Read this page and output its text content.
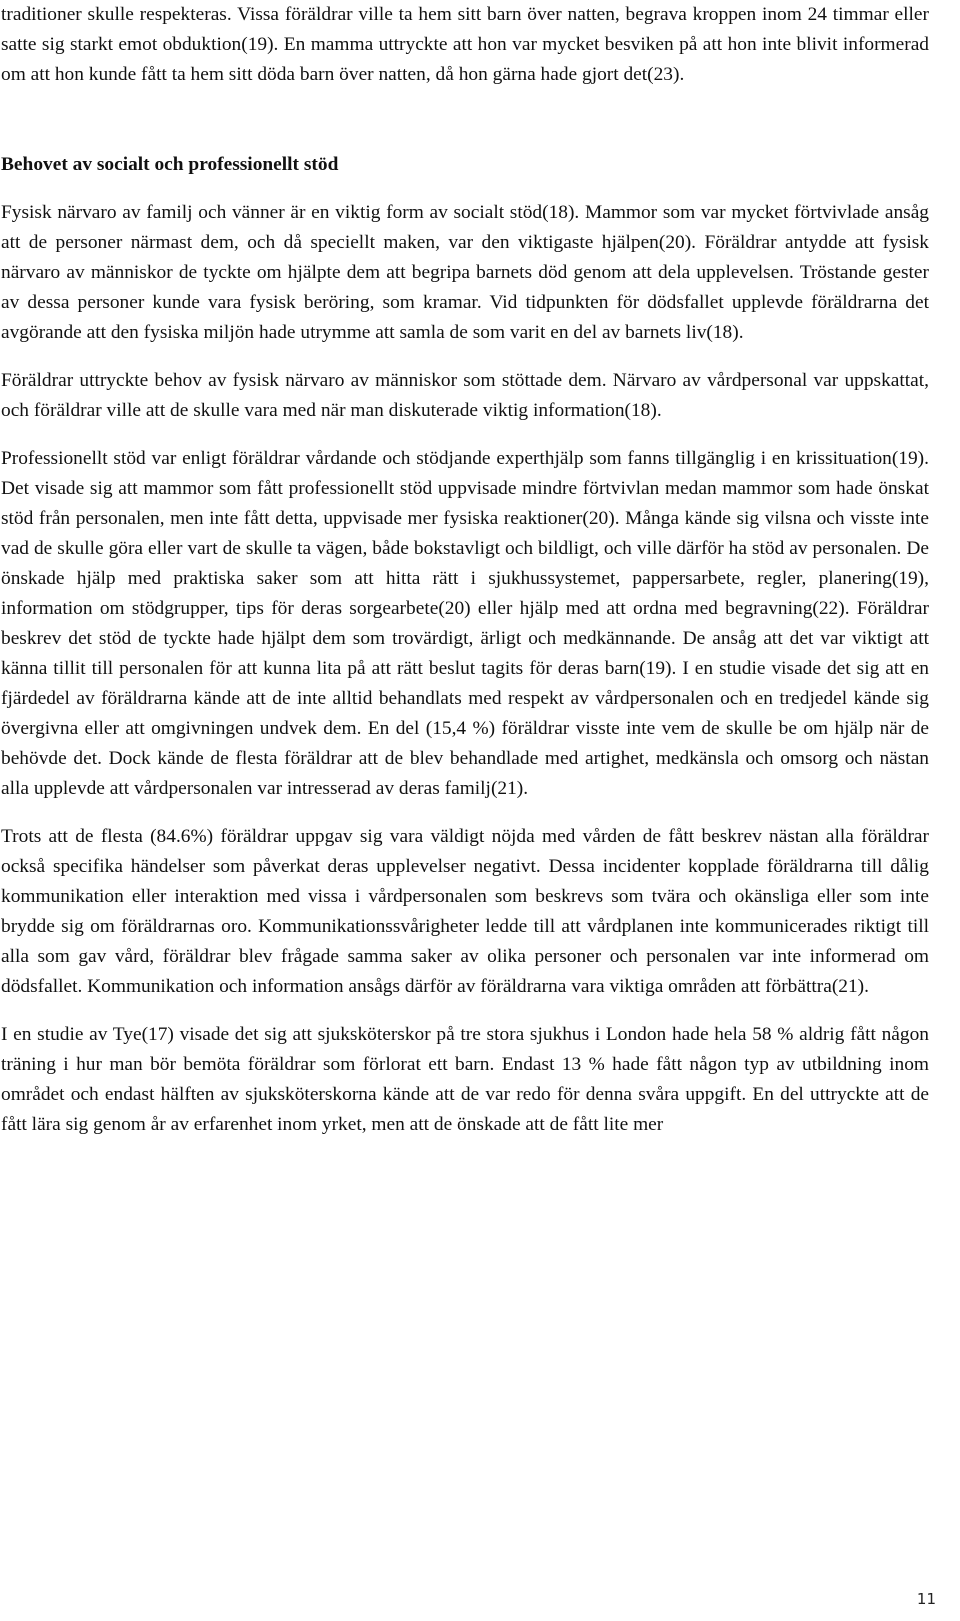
traditioner skulle respekteras. Vissa föräldrar ville ta hem sitt barn över natten, begrava kroppen inom 24 timmar eller satte sig starkt emot obduktion(19). En mamma uttryckte att hon var mycket besviken på att hon inte blivit informerad om att hon kunde fått ta hem sitt döda barn över natten, då hon gärna hade gjort det(23).

Behovet av socialt och professionellt stöd

Fysisk närvaro av familj och vänner är en viktig form av socialt stöd(18). Mammor som var mycket förtvivlade ansåg att de personer närmast dem, och då speciellt maken, var den viktigaste hjälpen(20). Föräldrar antydde att fysisk närvaro av människor de tyckte om hjälpte dem att begripa barnets död genom att dela upplevelsen. Tröstande gester av dessa personer kunde vara fysisk beröring, som kramar. Vid tidpunkten för dödsfallet upplevde föräldrarna det avgörande att den fysiska miljön hade utrymme att samla de som varit en del av barnets liv(18).

Föräldrar uttryckte behov av fysisk närvaro av människor som stöttade dem. Närvaro av vårdpersonal var uppskattat, och föräldrar ville att de skulle vara med när man diskuterade viktig information(18).

Professionellt stöd var enligt föräldrar vårdande och stödjande experthjälp som fanns tillgänglig i en krissituation(19). Det visade sig att mammor som fått professionellt stöd uppvisade mindre förtvivlan medan mammor som hade önskat stöd från personalen, men inte fått detta, uppvisade mer fysiska reaktioner(20). Många kände sig vilsna och visste inte vad de skulle göra eller vart de skulle ta vägen, både bokstavligt och bildligt, och ville därför ha stöd av personalen. De önskade hjälp med praktiska saker som att hitta rätt i sjukhussystemet, pappersarbete, regler, planering(19), information om stödgrupper, tips för deras sorgearbete(20) eller hjälp med att ordna med begravning(22). Föräldrar beskrev det stöd de tyckte hade hjälpt dem som trovärdigt, ärligt och medkännande. De ansåg att det var viktigt att känna tillit till personalen för att kunna lita på att rätt beslut tagits för deras barn(19). I en studie visade det sig att en fjärdedel av föräldrarna kände att de inte alltid behandlats med respekt av vårdpersonalen och en tredjedel kände sig övergivna eller att omgivningen undvek dem. En del (15,4 %) föräldrar visste inte vem de skulle be om hjälp när de behövde det. Dock kände de flesta föräldrar att de blev behandlade med artighet, medkänsla och omsorg och nästan alla upplevde att vårdpersonalen var intresserad av deras familj(21).

Trots att de flesta (84.6%) föräldrar uppgav sig vara väldigt nöjda med vården de fått beskrev nästan alla föräldrar också specifika händelser som påverkat deras upplevelser negativt. Dessa incidenter kopplade föräldrarna till dålig kommunikation eller interaktion med vissa i vårdpersonalen som beskrevs som tvära och okänsliga eller som inte brydde sig om föräldrarnas oro. Kommunikationssvårigheter ledde till att vårdplanen inte kommunicerades riktigt till alla som gav vård, föräldrar blev frågade samma saker av olika personer och personalen var inte informerad om dödsfallet. Kommunikation och information ansågs därför av föräldrarna vara viktiga områden att förbättra(21).

I en studie av Tye(17) visade det sig att sjuksköterskor på tre stora sjukhus i London hade hela 58 % aldrig fått någon träning i hur man bör bemöta föräldrar som förlorat ett barn. Endast 13 % hade fått någon typ av utbildning inom området och endast hälften av sjuksköterskorna kände att de var redo för denna svåra uppgift. En del uttryckte att de fått lära sig genom år av erfarenhet inom yrket, men att de önskade att de fått lite mer

11
